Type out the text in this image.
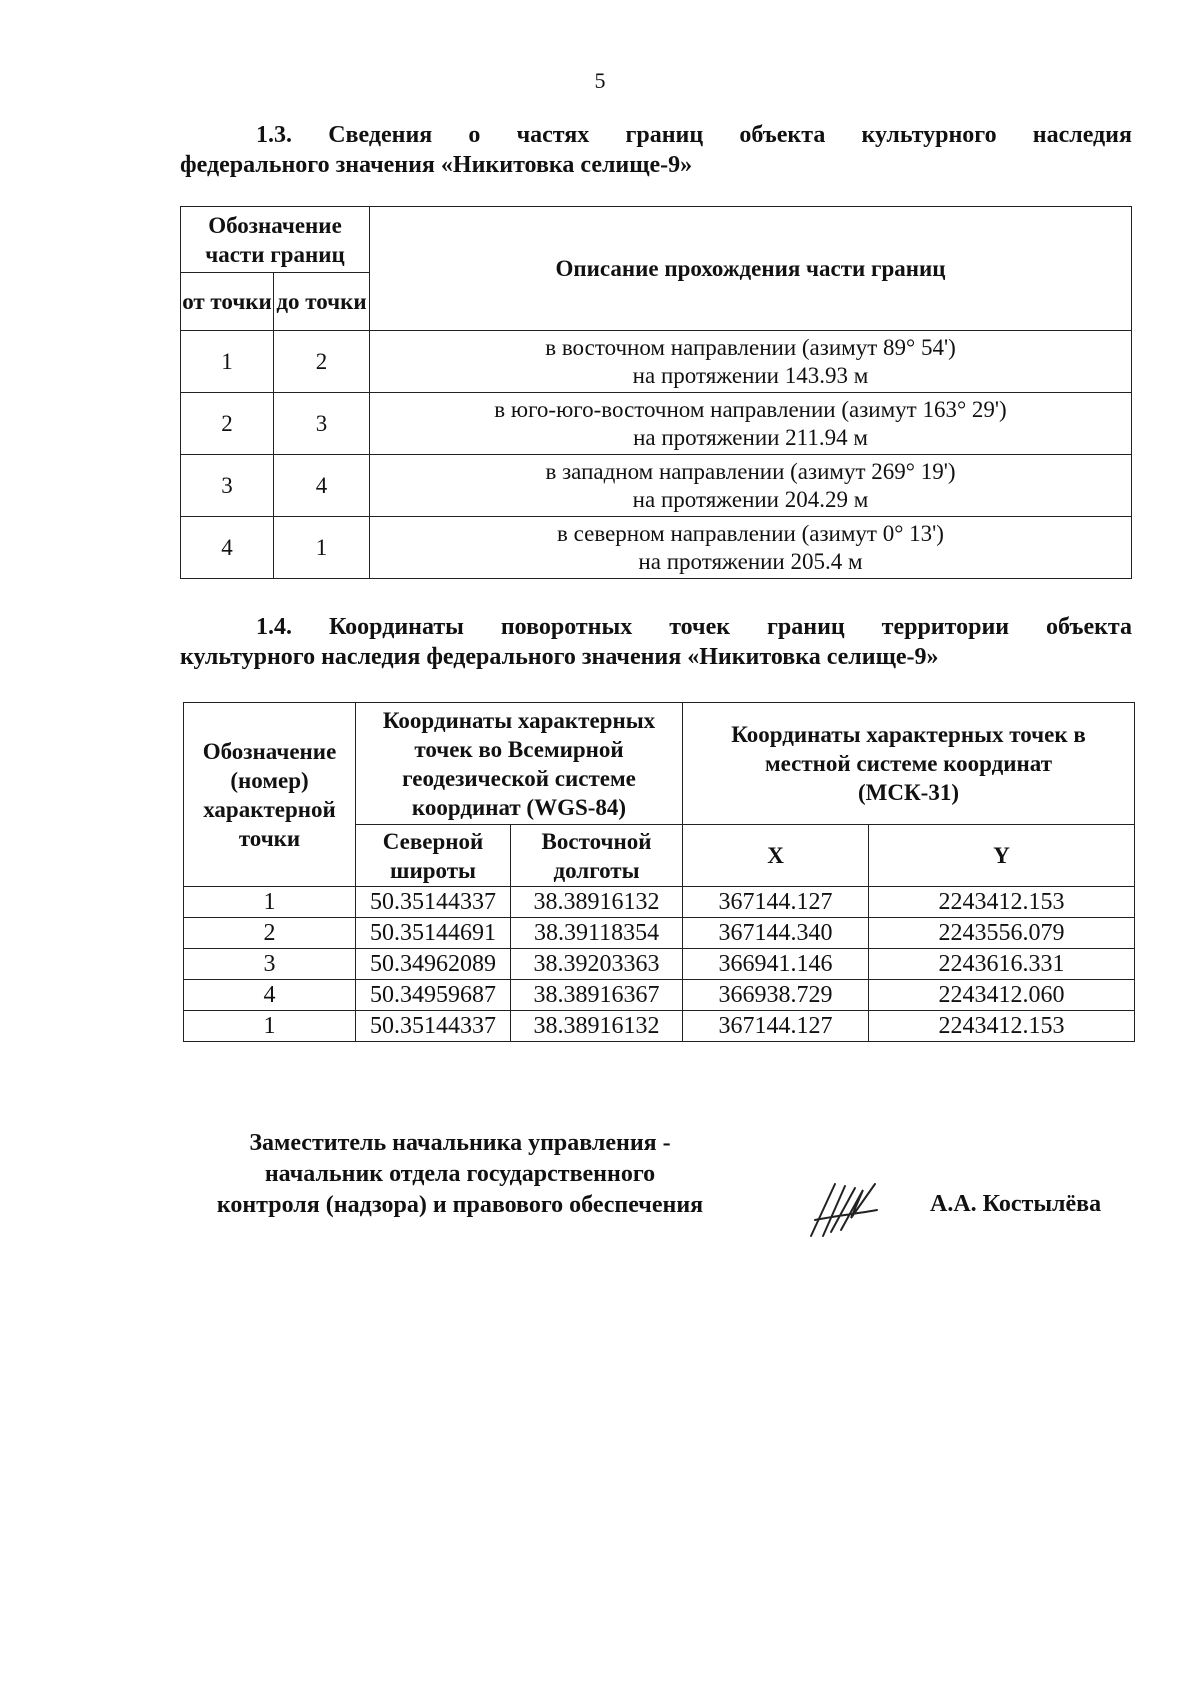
5
1.3. Сведения о частях границ объекта культурного наследия
федерального значения «Никитовка селище-9»
Обозначение части границ		Описание прохождения части границ
от точки	до точки	
1	2	в восточном направлении (азимут 89° 54')
на протяжении 143.93 м

2	3	в юго-юго-восточном направлении (азимут 163° 29')
на протяжении 211.94 м

3	4	в западном направлении (азимут 269° 19')
на протяжении 204.29 м

4	1	в северном направлении (азимут 0° 13')
на протяжении 205.4 м
1.4. Координаты поворотных точек границ территории объекта
культурного наследия федерального значения «Никитовка селище-9»
Обозначение (номер) характерной точки	Координаты характерных точек во Всемирной геодезической системе координат (WGS-84)		Координаты характерных точек в местной системе координат (МСК-31)	
	Северной широты	Восточной долготы	X	Y
1	50.35144337	38.38916132	367144.127	2243412.153
2	50.35144691	38.39118354	367144.340	2243556.079
3	50.34962089	38.39203363	366941.146	2243616.331
4	50.34959687	38.38916367	366938.729	2243412.060
1	50.35144337	38.38916132	367144.127	2243412.153
Заместитель начальника управления -
начальник отдела государственного
контроля (надзора) и правового обеспечения	А.А. Костылёва
